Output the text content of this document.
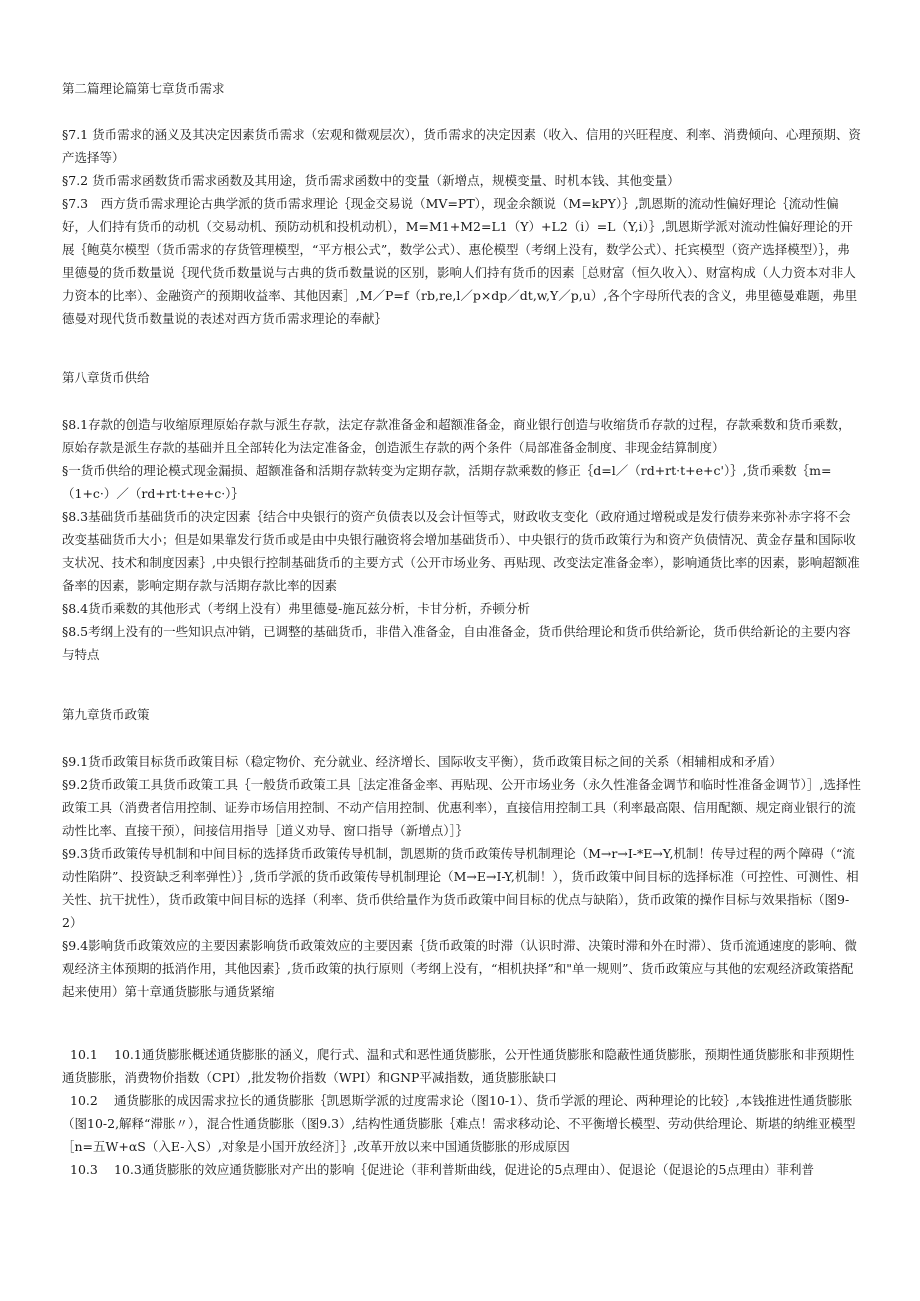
第二篇理论篇第七章货币需求
§7.1 货币需求的涵义及其决定因素货币需求（宏观和微观层次），货币需求的决定因素（收入、信用的兴旺程度、利率、消费倾向、心理预期、资产选择等）
§7.2 货币需求函数货币需求函数及其用途，货币需求函数中的变量（新增点，规模变量、时机本钱、其他变量）
§7.3　西方货币需求理论古典学派的货币需求理论｛现金交易说（MV=PT），现金余额说（M=kPY）｝,凯恩斯的流动性偏好理论｛流动性偏好，人们持有货币的动机（交易动机、预防动机和投机动机），M=M1+M2=L1（Y）+L2（i）=L（Y,i）｝,凯恩斯学派对流动性偏好理论的开展｛鲍莫尔模型（货币需求的存货管理模型，“平方根公式”，数学公式）、惠伦模型（考纲上没有，数学公式）、托宾模型（资产选择模型）｝，弗里德曼的货币数量说｛现代货币数量说与古典的货币数量说的区别，影响人们持有货币的因素［总财富（恒久收入）、财富构成（人力资本对非人力资本的比率）、金融资产的预期收益率、其他因素］,M／P=f（rb,re,l／p×dp／dt,w,Y／p,u）,各个字母所代表的含义，弗里德曼难题，弗里德曼对现代货币数量说的表述对西方货币需求理论的奉献｝
第八章货币供给
§8.1存款的创造与收缩原理原始存款与派生存款，法定存款准备金和超额准备金，商业银行创造与收缩货币存款的过程，存款乘数和货币乘数，原始存款是派生存款的基础并且全部转化为法定准备金，创造派生存款的两个条件（局部准备金制度、非现金结算制度）
§一货币供给的理论模式现金漏损、超额准备和活期存款转变为定期存款，活期存款乘数的修正｛d=l／（rd+rt·t+e+c'）｝,货币乘数｛m=（1+c·）／（rd+rt·t+e+c·）｝
§8.3基础货币基础货币的决定因素｛结合中央银行的资产负债表以及会计恒等式，财政收支变化（政府通过增税或是发行债券来弥补赤字将不会改变基础货币大小；但是如果靠发行货币或是由中央银行融资将会增加基础货币）、中央银行的货币政策行为和资产负债情况、黄金存量和国际收支状况、技术和制度因素｝,中央银行控制基础货币的主要方式（公开市场业务、再贴现、改变法定准备金率），影响通货比率的因素，影响超额准备率的因素，影响定期存款与活期存款比率的因素
§8.4货币乘数的其他形式（考纲上没有）弗里德曼-施瓦兹分析，卡甘分析，乔顿分析
§8.5考纲上没有的一些知识点冲销，已调整的基础货币，非借入准备金，自由准备金，货币供给理论和货币供给新论，货币供给新论的主要内容与特点
第九章货币政策
§9.1货币政策目标货币政策目标（稳定物价、充分就业、经济增长、国际收支平衡），货币政策目标之间的关系（相辅相成和矛盾）
§9.2货币政策工具货币政策工具｛一般货币政策工具［法定准备金率、再贴现、公开市场业务（永久性准备金调节和临时性准备金调节）］,选择性政策工具（消费者信用控制、证券市场信用控制、不动产信用控制、优惠利率），直接信用控制工具（利率最高限、信用配额、规定商业银行的流动性比率、直接干预），间接信用指导［道义劝导、窗口指导（新增点）］｝
§9.3货币政策传导机制和中间目标的选择货币政策传导机制，凯恩斯的货币政策传导机制理论（M→r→I-*E→Y,机制！传导过程的两个障碍（“流动性陷阱”、投资缺乏利率弹性）｝,货币学派的货币政策传导机制理论（M→E→I-Y,机制！），货币政策中间目标的选择标准（可控性、可测性、相关性、抗干扰性），货币政策中间目标的选择（利率、货币供给量作为货币政策中间目标的优点与缺陷），货币政策的操作目标与效果指标（图9-2）
§9.4影响货币政策效应的主要因素影响货币政策效应的主要因素｛货币政策的时滞（认识时滞、决策时滞和外在时滞）、货币流通速度的影响、微观经济主体预期的抵消作用，其他因素｝,货币政策的执行原则（考纲上没有，“相机抉择”和"单一规则”、货币政策应与其他的宏观经济政策搭配起来使用）第十章通货膨胀与通货紧缩
10.1 10.1通货膨胀概述通货膨胀的涵义，爬行式、温和式和恶性通货膨胀，公开性通货膨胀和隐蔽性通货膨胀，预期性通货膨胀和非预期性通货膨胀，消费物价指数（CPI）,批发物价指数（WPI）和GNP平减指数，通货膨胀缺口
10.2 通货膨胀的成因需求拉长的通货膨胀｛凯恩斯学派的过度需求论（图10-1）、货币学派的理论、两种理论的比较｝,本钱推进性通货膨胀（图10-2,解释“滞胀〃），混合性通货膨胀（图9.3）,结构性通货膨胀｛难点！需求移动论、不平衡增长模型、劳动供给理论、斯堪的纳维亚模型［n=五W+αS（入E-入S）,对象是小国开放经济］｝,改革开放以来中国通货膨胀的形成原因
10.3 10.3通货膨胀的效应通货膨胀对产出的影响｛促进论（菲利普斯曲线，促进论的5点理由）、促退论（促退论的5点理由）菲利普
